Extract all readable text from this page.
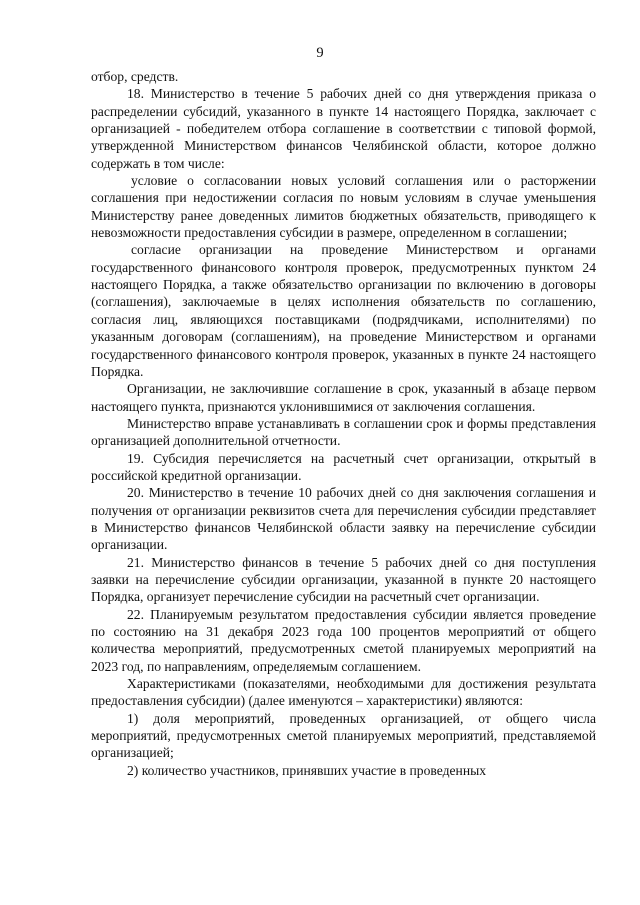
9

отбор, средств.

18. Министерство в течение 5 рабочих дней со дня утверждения приказа о распределении субсидий, указанного в пункте 14 настоящего Порядка, заключает с организацией - победителем отбора соглашение в соответствии с типовой формой, утвержденной Министерством финансов Челябинской области, которое должно содержать в том числе:

условие о согласовании новых условий соглашения или о расторжении соглашения при недостижении согласия по новым условиям в случае уменьшения Министерству ранее доведенных лимитов бюджетных обязательств, приводящего к невозможности предоставления субсидии в размере, определенном в соглашении;

согласие организации на проведение Министерством и органами государственного финансового контроля проверок, предусмотренных пунктом 24 настоящего Порядка, а также обязательство организации по включению в договоры (соглашения), заключаемые в целях исполнения обязательств по соглашению, согласия лиц, являющихся поставщиками (подрядчиками, исполнителями) по указанным договорам (соглашениям), на проведение Министерством и органами государственного финансового контроля проверок, указанных в пункте 24 настоящего Порядка.

Организации, не заключившие соглашение в срок, указанный в абзаце первом настоящего пункта, признаются уклонившимися от заключения соглашения.

Министерство вправе устанавливать в соглашении срок и формы представления организацией дополнительной отчетности.

19. Субсидия перечисляется на расчетный счет организации, открытый в российской кредитной организации.

20. Министерство в течение 10 рабочих дней со дня заключения соглашения и получения от организации реквизитов счета для перечисления субсидии представляет в Министерство финансов Челябинской области заявку на перечисление субсидии организации.

21. Министерство финансов в течение 5 рабочих дней со дня поступления заявки на перечисление субсидии организации, указанной в пункте 20 настоящего Порядка, организует перечисление субсидии на расчетный счет организации.

22. Планируемым результатом предоставления субсидии является проведение по состоянию на 31 декабря 2023 года 100 процентов мероприятий от общего количества мероприятий, предусмотренных сметой планируемых мероприятий на 2023 год, по направлениям, определяемым соглашением.

Характеристиками (показателями, необходимыми для достижения результата предоставления субсидии) (далее именуются – характеристики) являются:

1) доля мероприятий, проведенных организацией, от общего числа мероприятий, предусмотренных сметой планируемых мероприятий, представляемой организацией;

2) количество участников, принявших участие в проведенных
